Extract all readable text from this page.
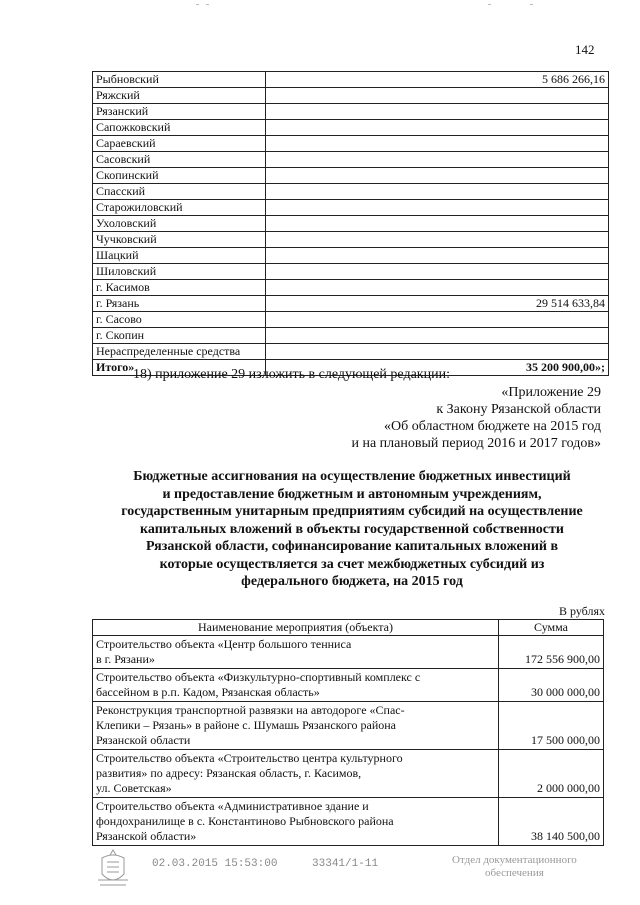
142
Рыбновский	5 686 266,16
Ряжский	
Рязанский	
Сапожковский	
Сараевский	
Сасовский	
Скопинский	
Спасский	
Старожиловский	
Ухоловский	
Чучковский	
Шацкий	
Шиловский	
г. Касимов	
г. Рязань	29 514 633,84
г. Сасово	
г. Скопин	
Нераспределенные средства	
Итого»	35 200 900,00»;
18) приложение 29 изложить в следующей редакции:
«Приложение 29
к Закону Рязанской области
«Об областном бюджете на 2015 год
и на плановый период 2016 и 2017 годов»
Бюджетные ассигнования на осуществление бюджетных инвестиций
и предоставление бюджетным и автономным учреждениям,
государственным унитарным предприятиям субсидий на осуществление
капитальных вложений в объекты государственной собственности
Рязанской области, софинансирование капитальных вложений в
которые осуществляется за счет межбюджетных субсидий из
федерального бюджета, на 2015 год
В рублях
Наименование мероприятия (объекта)	Сумма

Строительство объекта «Центр большого тенниса
в г. Рязани»	172 556 900,00

Строительство объекта «Физкультурно-спортивный комплекс с
бассейном в р.п. Кадом, Рязанская область»	30 000 000,00

Реконструкция транспортной развязки на автодороге «Спас-
Клепики – Рязань» в районе с. Шумашь Рязанского района
Рязанской области	17 500 000,00

Строительство объекта «Строительство центра культурного
развития» по адресу: Рязанская область, г. Касимов,
ул. Советская»	2 000 000,00

Строительство объекта «Административное здание и
фондохранилище в с. Константиново Рыбновского района
Рязанской области»	38 140 500,00
02.03.2015 15:53:00	33341/1-11	Отдел документационного
обеспечения
